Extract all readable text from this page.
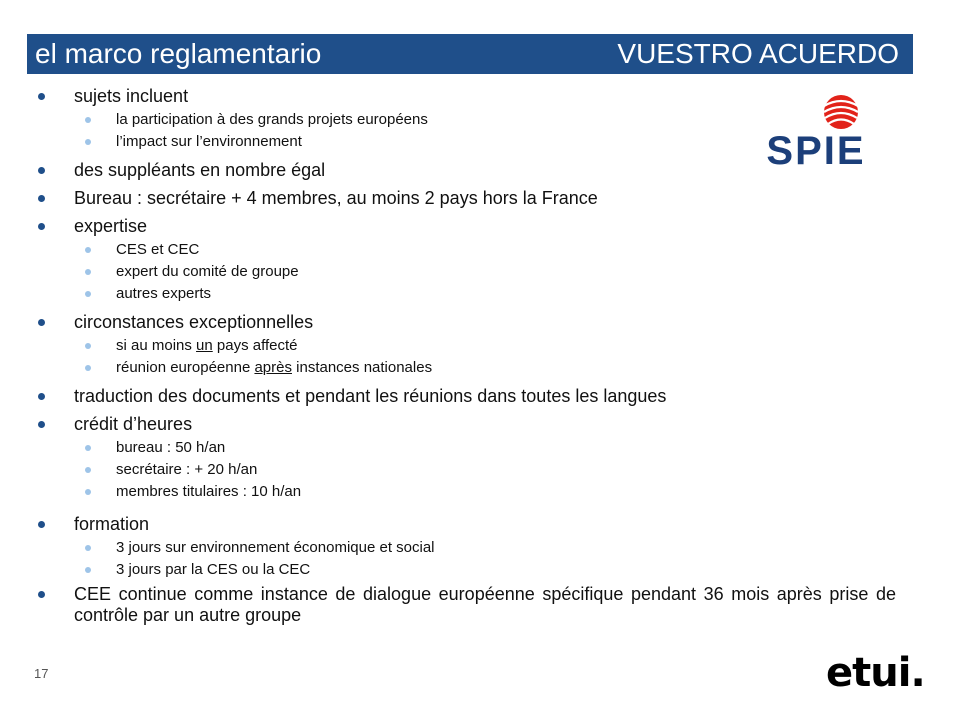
el marco reglamentario	VUESTRO ACUERDO
SPIE
sujets incluent
la participation à des grands projets européens
l’impact sur l’environnement
des suppléants en nombre égal
Bureau : secrétaire + 4 membres, au moins 2 pays hors la France
expertise
CES et CEC
expert du comité de groupe
autres experts
circonstances exceptionnelles
si au moins un pays affecté
réunion européenne après instances nationales
traduction des documents et pendant les réunions dans toutes les langues
crédit d’heures
bureau : 50 h/an
secrétaire : + 20 h/an
membres titulaires : 10 h/an
formation
3 jours sur environnement économique et social
3 jours par la CES ou la CEC
CEE continue comme instance de dialogue européenne spécifique pendant 36 mois après prise de contrôle par un autre groupe
17	etui.
